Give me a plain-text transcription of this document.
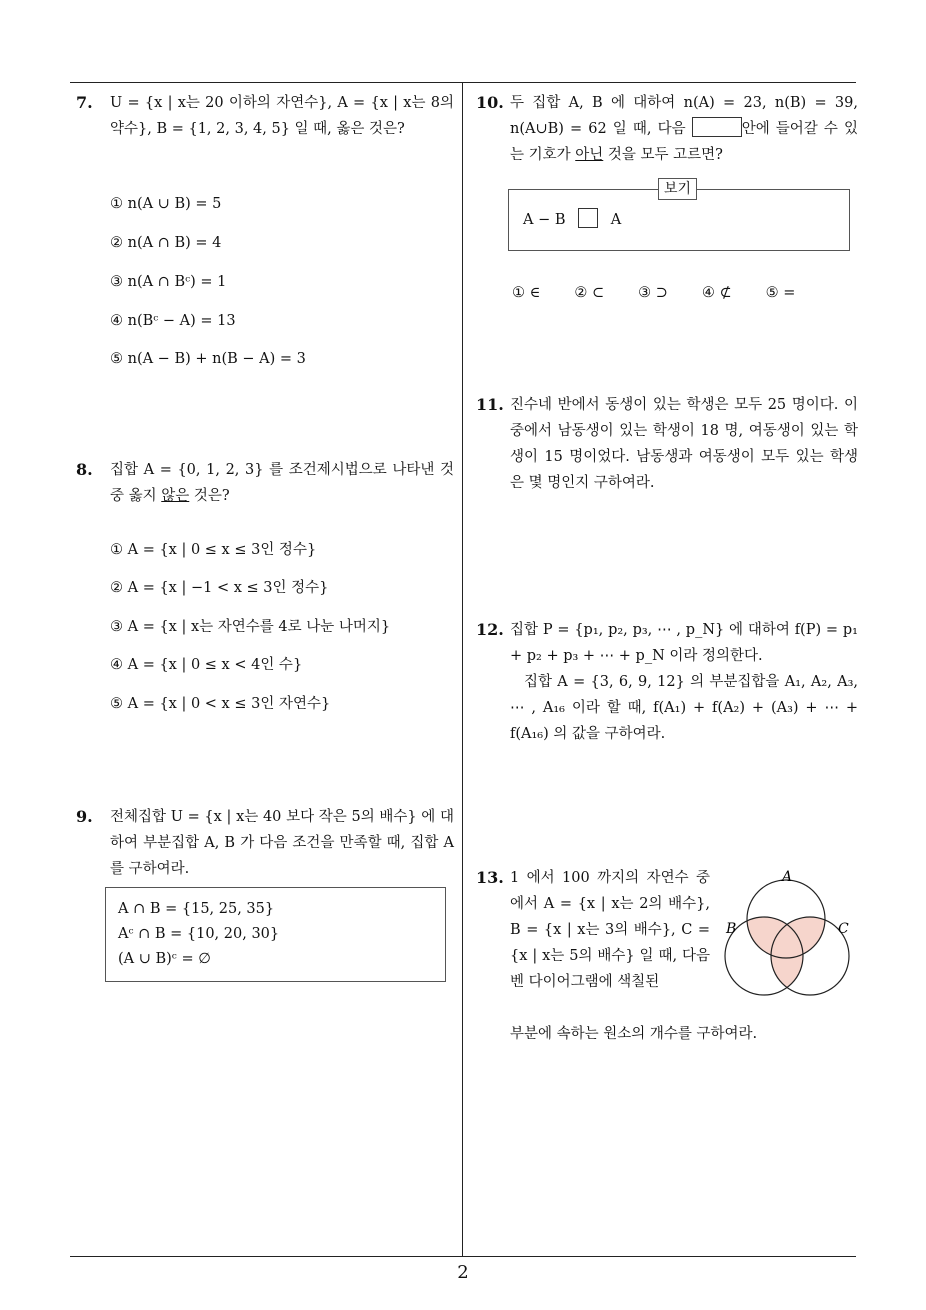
7. U = {x | x는 20 이하의 자연수}, A = {x | x는 8의 약수}, B = {1, 2, 3, 4, 5} 일 때, 옳은 것은?
① n(A ∪ B) = 5
② n(A ∩ B) = 4
③ n(A ∩ Bᶜ) = 1
④ n(Bᶜ − A) = 13
⑤ n(A − B) + n(B − A) = 3
8. 집합 A = {0, 1, 2, 3} 를 조건제시법으로 나타낸 것 중 옳지 않은 것은?
① A = {x | 0 ≤ x ≤ 3인 정수}
② A = {x | −1 < x ≤ 3인 정수}
③ A = {x | x는 자연수를 4로 나눈 나머지}
④ A = {x | 0 ≤ x < 4인 수}
⑤ A = {x | 0 < x ≤ 3인 자연수}
9. 전체집합 U = {x | x는 40 보다 작은 5의 배수} 에 대하여 부분집합 A, B 가 다음 조건을 만족할 때, 집합 A 를 구하여라.
A ∩ B = {15, 25, 35}
Aᶜ ∩ B = {10, 20, 30}
(A ∪ B)ᶜ = ∅
10. 두 집합 A, B 에 대하여 n(A) = 23, n(B) = 39, n(A∪B) = 62 일 때, 다음	안에 들어갈 수 있는 기호가 아닌 것을 모두 고르면?
A − B	A
보기
① ∈ ② ⊂ ③ ⊃ ④ ⊄ ⑤ =
11. 진수네 반에서 동생이 있는 학생은 모두 25 명이다. 이 중에서 남동생이 있는 학생이 18 명, 여동생이 있는 학생이 15 명이었다. 남동생과 여동생이 모두 있는 학생은 몇 명인지 구하여라.
12. 집합 P = {p₁, p₂, p₃, ⋯ , p_N} 에 대하여 f(P) = p₁ + p₂ + p₃ + ⋯ + p_N 이라 정의한다.
집합 A = {3, 6, 9, 12} 의 부분집합을 A₁, A₂, A₃, ⋯ , A₁₆ 이라 할 때, f(A₁) + f(A₂) + (A₃) + ⋯ + f(A₁₆) 의 값을 구하여라.
13. 1 에서 100 까지의 자연수 중에서 A = {x | x는 2의 배수}, B = {x | x는 3의 배수}, C = {x | x는 5의 배수} 일 때, 다음 벤 다이어그램에 색칠된
부분에 속하는 원소의 개수를 구하여라.
A
B	C
2
